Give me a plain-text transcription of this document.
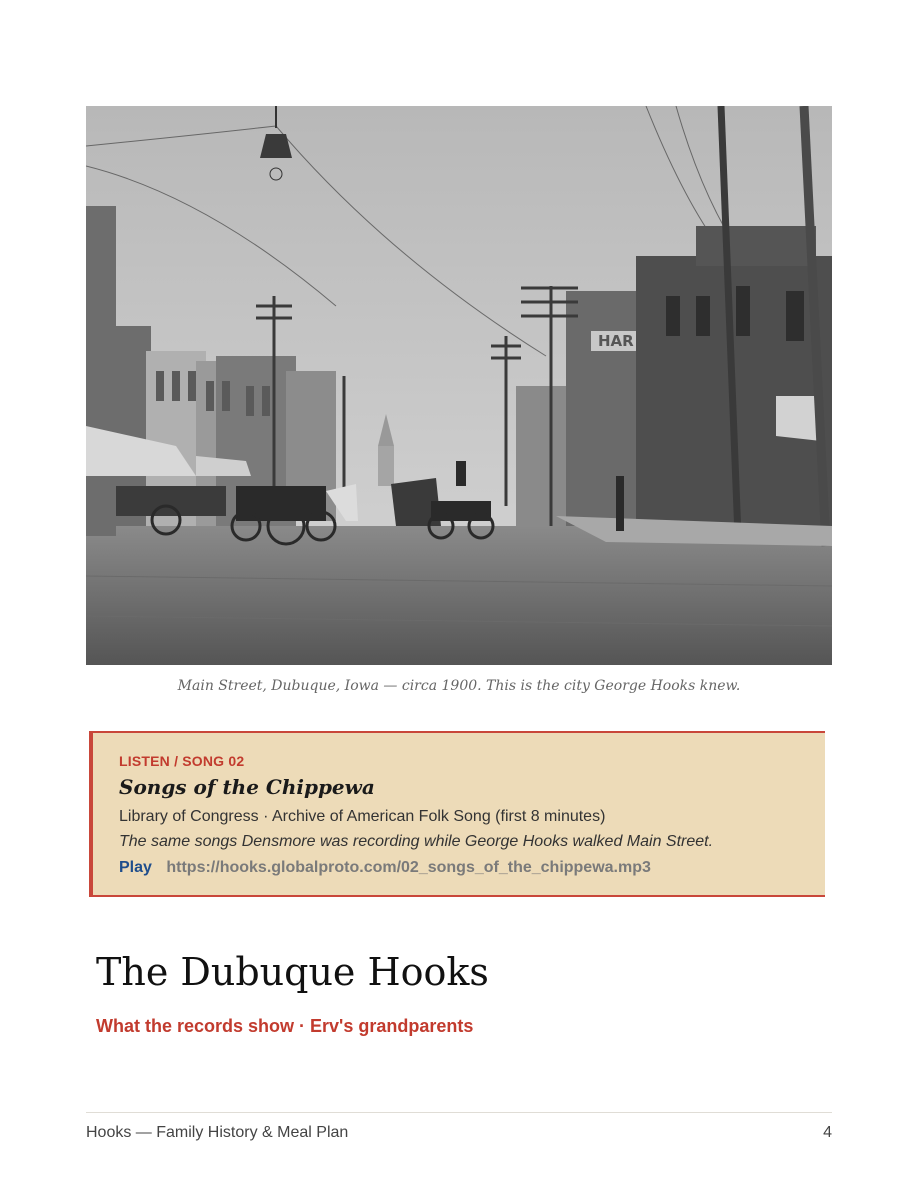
HAR
Main Street, Dubuque, Iowa — circa 1900. This is the city George Hooks knew.
LISTEN / SONG 02
Songs of the Chippewa
Library of Congress · Archive of American Folk Song (first 8 minutes)
The same songs Densmore was recording while George Hooks walked Main Street.
Play https://hooks.globalproto.com/02_songs_of_the_chippewa.mp3
The Dubuque Hooks
What the records show · Erv's grandparents
Hooks — Family History & Meal Plan	4
